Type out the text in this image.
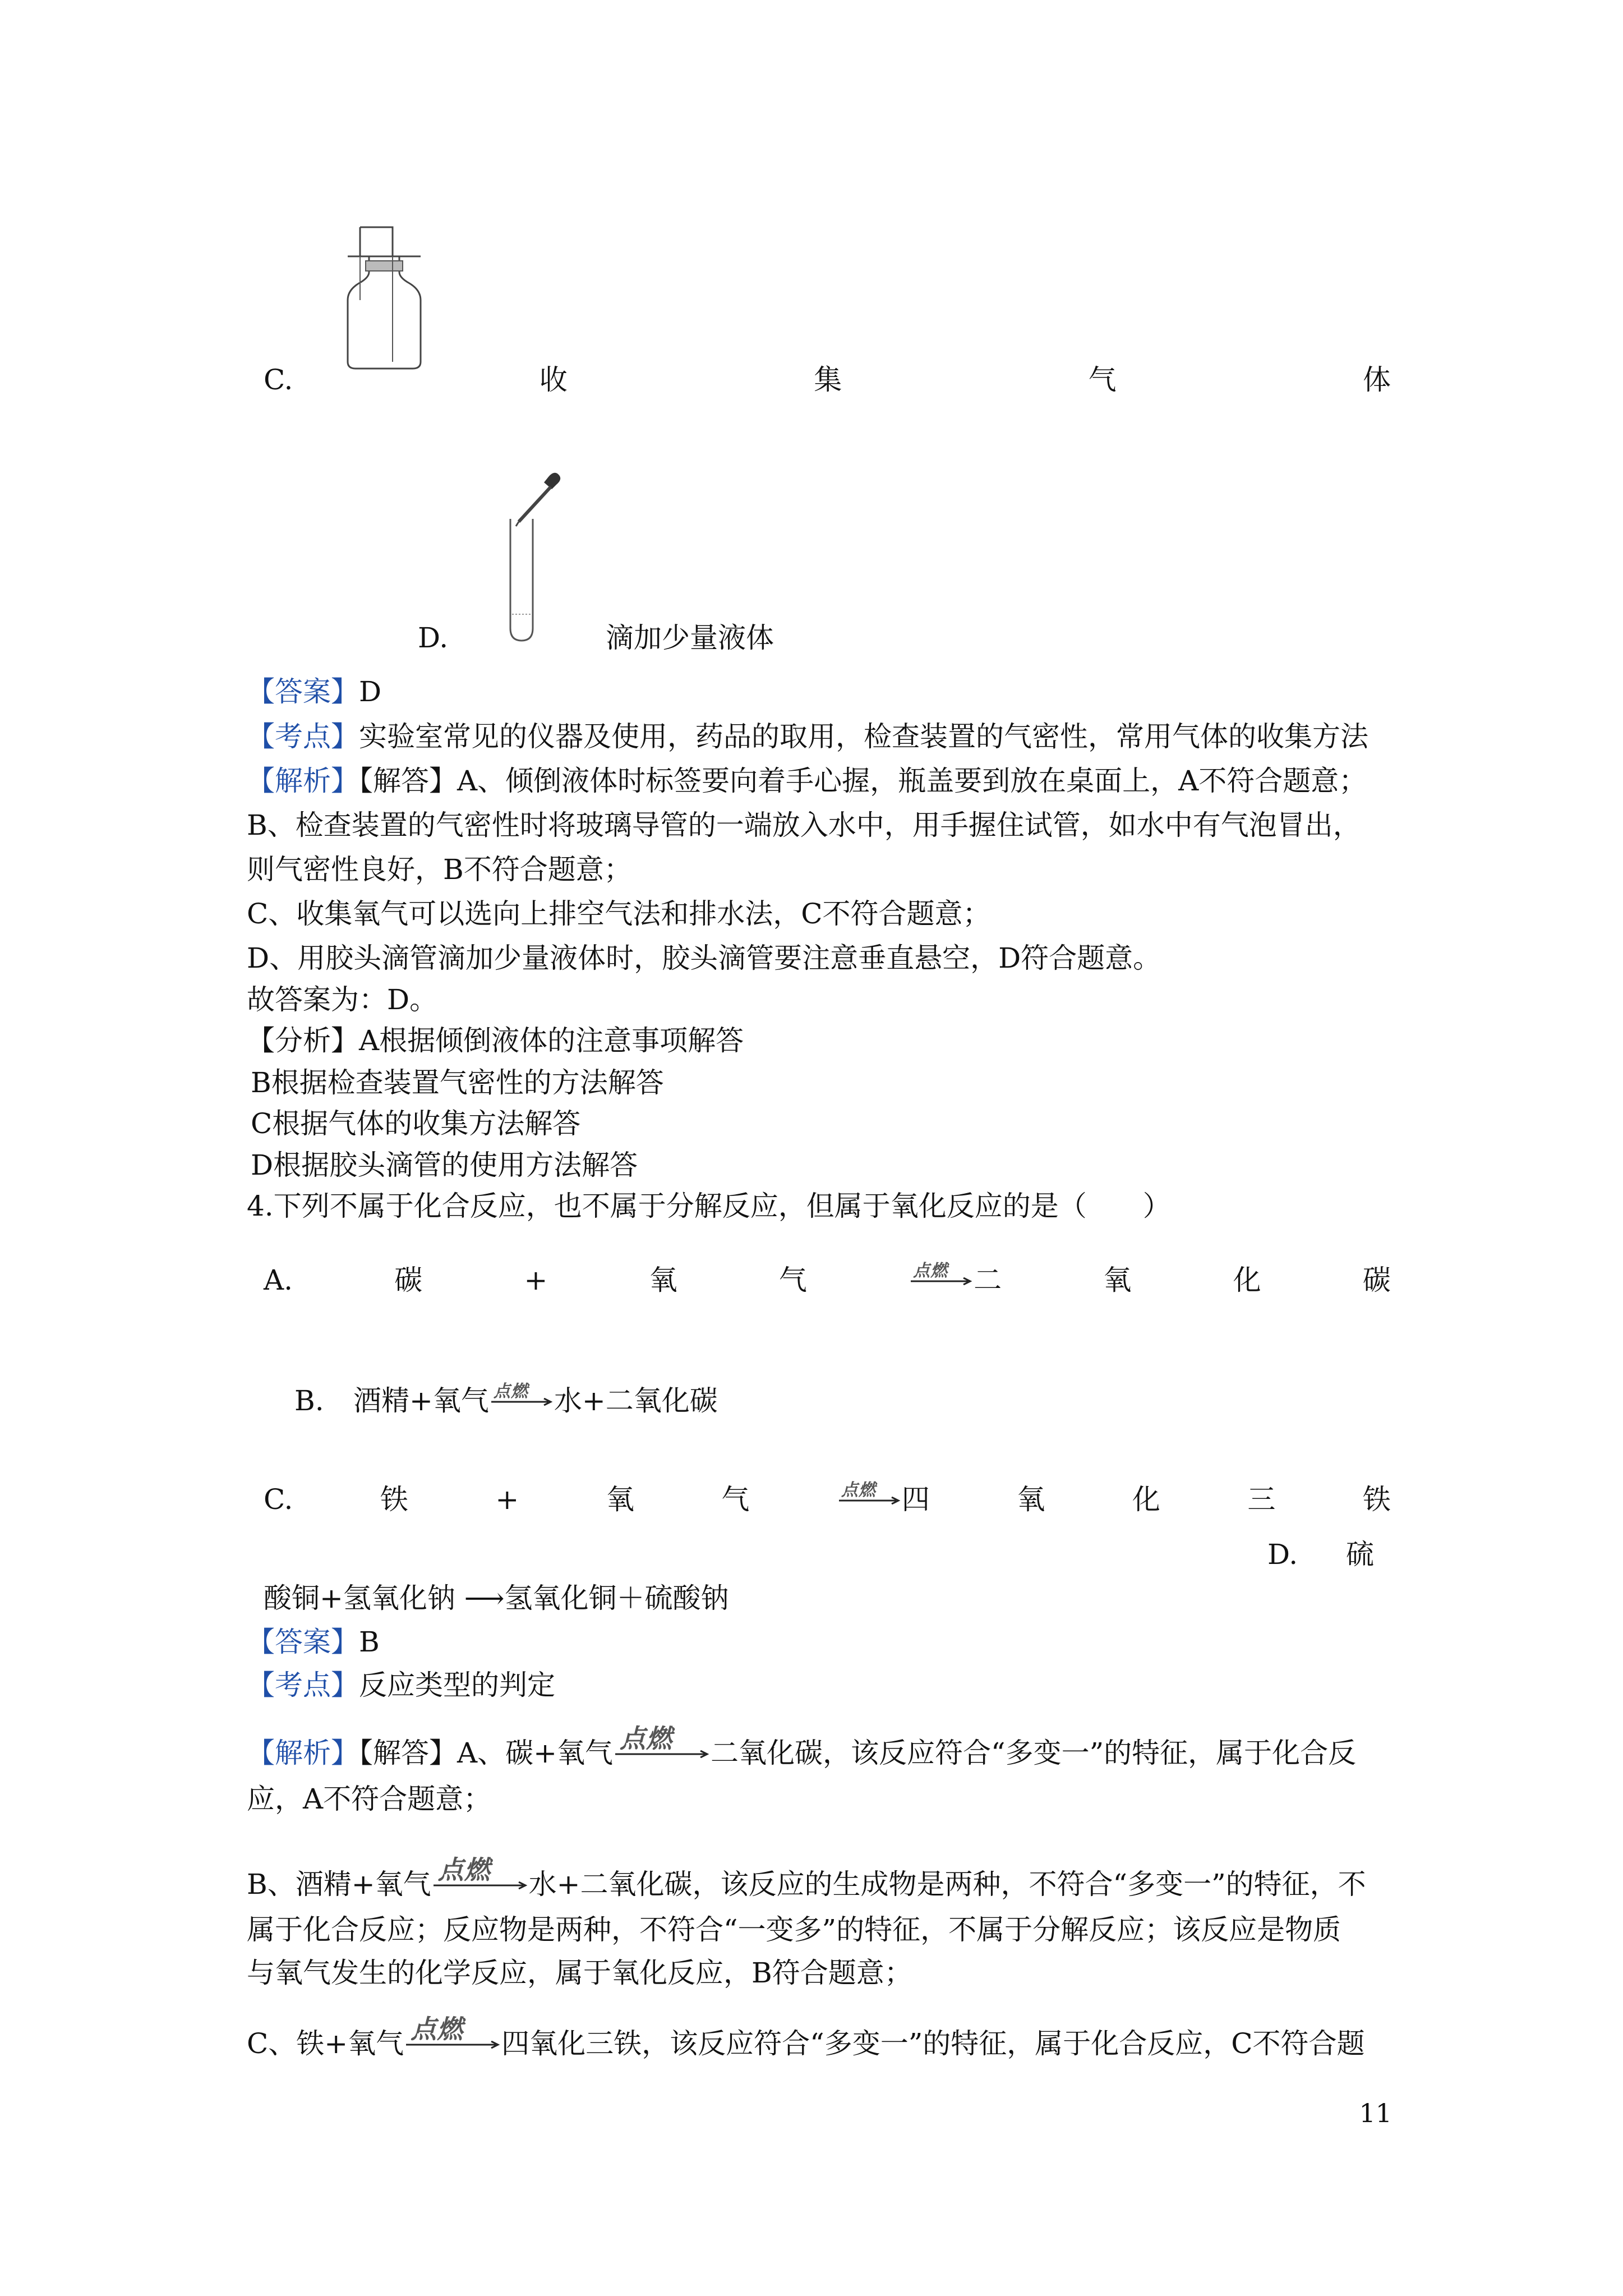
C.	收	集	气	体
D.	滴加少量液体
【答案】D
【考点】实验室常见的仪器及使用，药品的取用，检查装置的气密性，常用气体的收集方法
【解析】【解答】A、倾倒液体时标签要向着手心握，瓶盖要到放在桌面上，A不符合题意；
B、检查装置的气密性时将玻璃导管的一端放入水中，用手握住试管，如水中有气泡冒出，
则气密性良好，B不符合题意；
C、收集氧气可以选向上排空气法和排水法，C不符合题意；
D、用胶头滴管滴加少量液体时，胶头滴管要注意垂直悬空，D符合题意。
故答案为：D。
【分析】A根据倾倒液体的注意事项解答
B根据检查装置气密性的方法解答
C根据气体的收集方法解答
D根据胶头滴管的使用方法解答
4.下列不属于化合反应，也不属于分解反应，但属于氧化反应的是（　　）
A.	碳	+	氧	气	点燃 二	氧	化	碳
B. 酒精+氧气 点燃 水+二氧化碳
C.	铁	+	氧	气	点燃 四	氧	化	三	铁
D. 硫
酸铜+氢氧化钠 ⟶氢氧化铜＋硫酸钠
【答案】B
【考点】反应类型的判定
【解析】【解答】A、碳+氧气 点燃 二氧化碳，该反应符合“多变一”的特征，属于化合反
应，A不符合题意；
B、酒精+氧气 点燃 水+二氧化碳，该反应的生成物是两种，不符合“多变一”的特征，不
属于化合反应；反应物是两种，不符合“一变多”的特征，不属于分解反应；该反应是物质
与氧气发生的化学反应，属于氧化反应，B符合题意；
C、铁+氧气 点燃 四氧化三铁，该反应符合“多变一”的特征，属于化合反应，C不符合题
11
